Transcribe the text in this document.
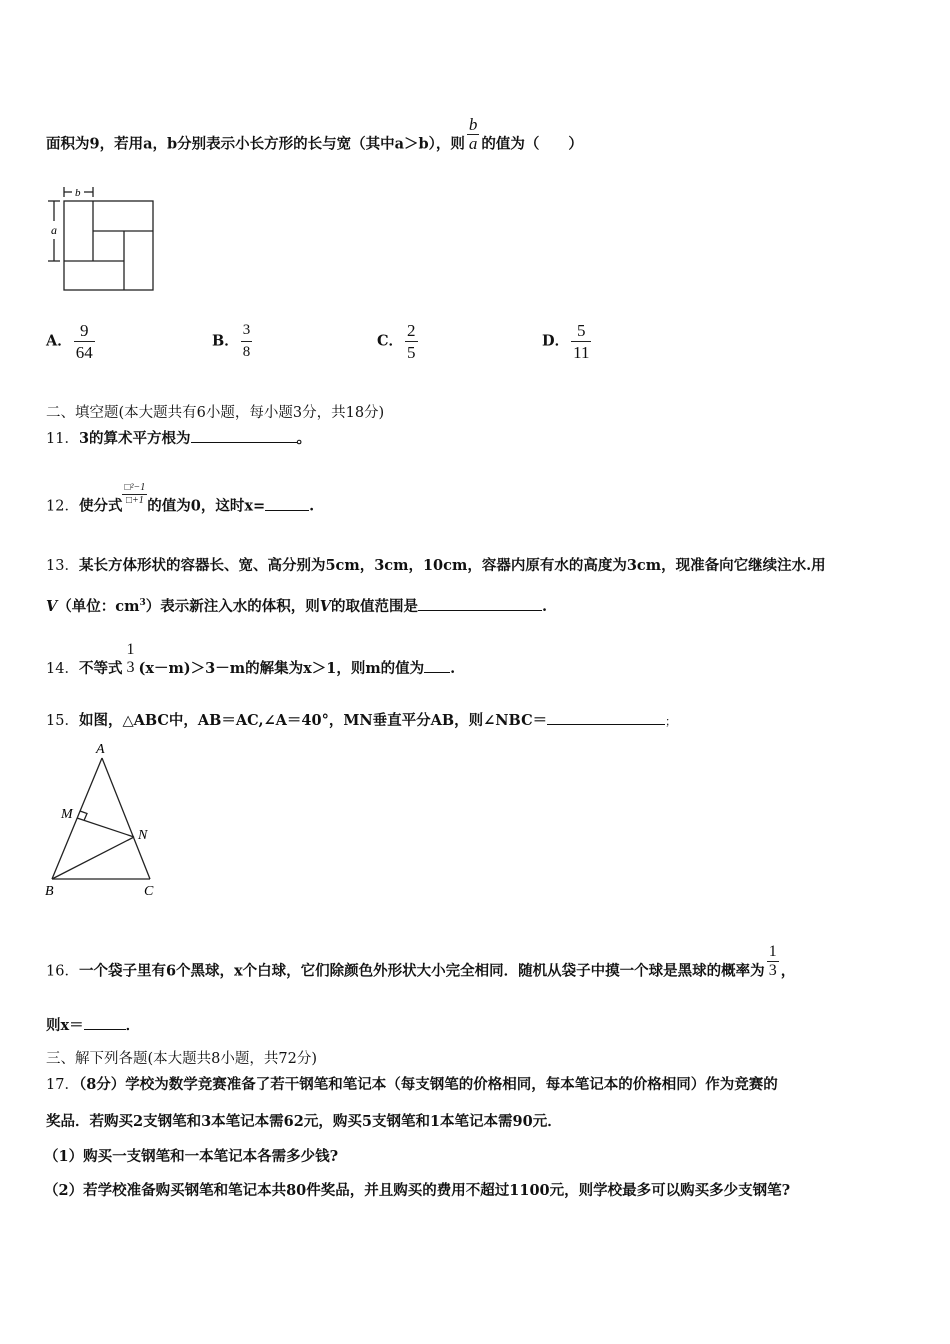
面积为9，若用a，b分别表示小长方形的长与宽（其中a＞b），则 $\frac{b}{a}$ 的值为（　　）
b
a
A． $\frac{9}{64}$	B． $\frac{3}{8}$	C． $\frac{2}{5}$	D． $\frac{5}{11}$
二、填空题(本大题共有6小题，每小题3分，共18分)
11．3的算术平方根为	。
12．使分式 $\frac{\text{□²−1}}{□+1}$ 的值为0，这时x=	.
13．某长方体形状的容器长、宽、高分别为5cm，3cm，10cm，容器内原有水的高度为3cm，现准备向它继续注水.用
V（单位：$cm^3$）表示新注入水的体积，则V的取值范围是	.
14．不等式
1
3 (x－m)＞3－m的解集为x＞1，则m的值为 .
15．如图，△ABC中，AB＝AC,∠A＝40°，MN垂直平分AB，则∠NBC＝	；
A
M
N
B	C
16．一个袋子里有6个黑球，x个白球，它们除颜色外形状大小完全相同．随机从袋子中摸一个球是黑球的概率为 $\frac{1}{3}$ ，
则x＝	．
三、解下列各题(本大题共8小题，共72分)
17．（8分）学校为数学竞赛准备了若干钢笔和笔记本（每支钢笔的价格相同，每本笔记本的价格相同）作为竞赛的
奖品．若购买2支钢笔和3本笔记本需62元，购买5支钢笔和1本笔记本需90元．
（1）购买一支钢笔和一本笔记本各需多少钱?
（2）若学校准备购买钢笔和笔记本共80件奖品，并且购买的费用不超过1100元，则学校最多可以购买多少支钢笔?
